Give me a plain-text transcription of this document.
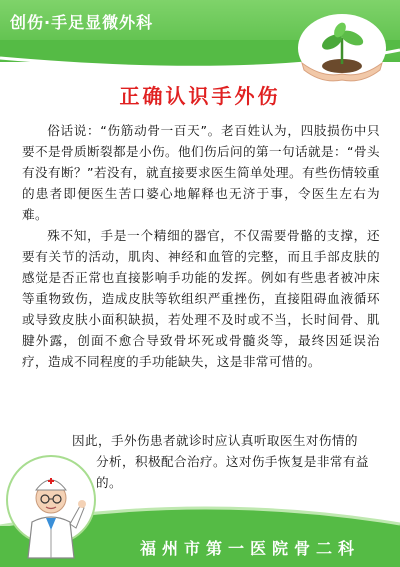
创伤·手足显微外科
正确认识手外伤

俗话说：“伤筋动骨一百天”。老百姓认为，四肢损伤中只要不是骨质断裂都是小伤。他们伤后问的第一句话就是：“骨头有没有断？”若没有，就直接要求医生简单处理。有些伤情较重的患者即便医生苦口婆心地解释也无济于事，令医生左右为难。

殊不知，手是一个精细的器官，不仅需要骨骼的支撑，还要有关节的活动，肌肉、神经和血管的完整，而且手部皮肤的感觉是否正常也直接影响手功能的发挥。例如有些患者被冲床等重物致伤，造成皮肤等软组织严重挫伤，直接阻碍血液循环或导致皮肤小面积缺损，若处理不及时或不当，长时间骨、肌腱外露，创面不愈合导致骨坏死或骨髓炎等，最终因延误治疗，造成不同程度的手功能缺失，这是非常可惜的。

因此，手外伤患者就诊时应认真听取医生对伤情的
分析，积极配合治疗。这对伤手恢复是非常有益的。
福州市第一医院骨二科
